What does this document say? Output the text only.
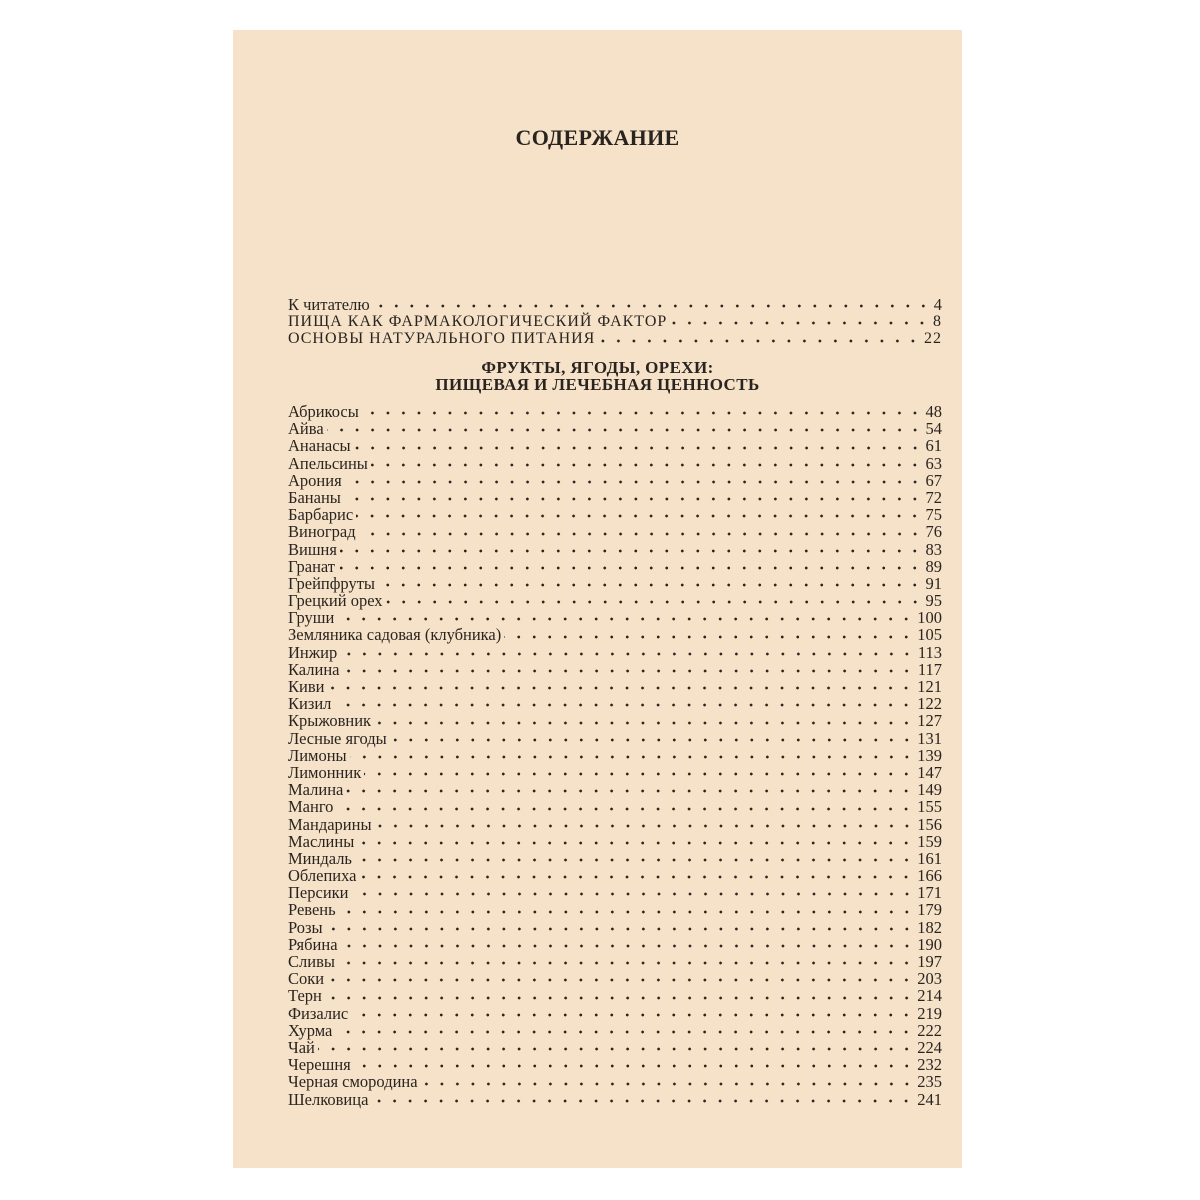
СОДЕРЖАНИЕ
К читателю	4
ПИЩА КАК ФАРМАКОЛОГИЧЕСКИЙ ФАКТОР	8
ОСНОВЫ НАТУРАЛЬНОГО ПИТАНИЯ	22
ФРУКТЫ, ЯГОДЫ, ОРЕХИ:
ПИЩЕВАЯ И ЛЕЧЕБНАЯ ЦЕННОСТЬ
Абрикосы	48
Айва	54
Ананасы	61
Апельсины	63
Арония	67
Бананы	72
Барбарис	75
Виноград	76
Вишня	83
Гранат	89
Грейпфруты	91
Грецкий орех	95
Груши	100
Земляника садовая (клубника)	105
Инжир	113
Калина	117
Киви	121
Кизил	122
Крыжовник	127
Лесные ягоды	131
Лимоны	139
Лимонник	147
Малина	149
Манго	155
Мандарины	156
Маслины	159
Миндаль	161
Облепиха	166
Персики	171
Ревень	179
Розы	182
Рябина	190
Сливы	197
Соки	203
Терн	214
Физалис	219
Хурма	222
Чай	224
Черешня	232
Черная смородина	235
Шелковица	241
